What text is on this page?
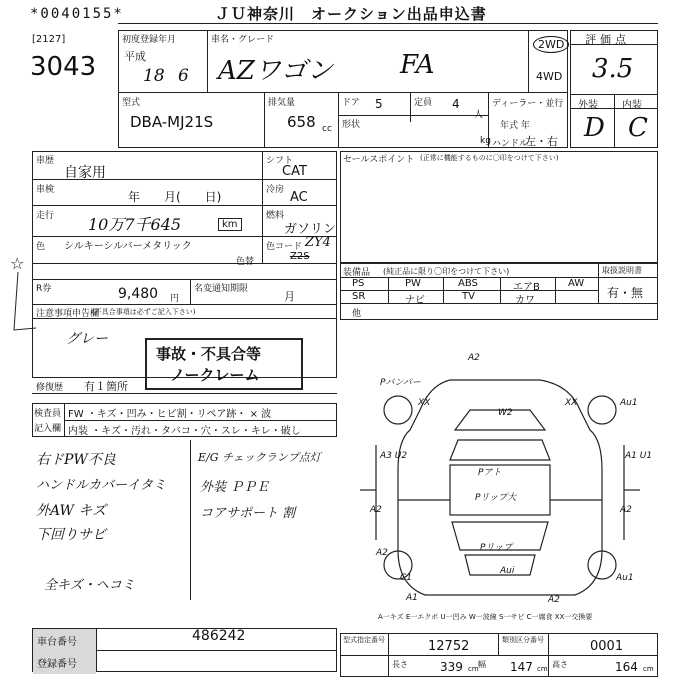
*0040155*	ＪＵ神奈川　オークション出品申込書
[2127]
3043
初度登録年月
平成
18 6
車名・グレード
AZワゴン	FA
2WD
4WD
型式
DBA-MJ21S
排気量
658 cc
ドア 5	定員 4
人
形状
ディーラー・並行
年式 年
kg ハンドル
左・右
評価点
3.5
外装 内装
D C
車歴
自家用
車検	年　　月(　　日)
走行 10万7千645	km
色 シルキーシルバーメタリック
色替
シフト
CAT
冷房 AC
燃料
ガソリン
色コード ZY4
Z2S
R券	9,480 円
名変通知期限
月
注意事項申告欄
(不具合事項は必ずご記入下さい)
グレー
修復歴 有１箇所
☆
事故・不具合等
ノークレーム
セールスポイント (正常に機能するものに〇印をつけて下さい)
装備品 (純正品に限り〇印をつけて下さい)	取扱説明書
PS	PW	ABS	エアB	AW
SR	ナビ	TV	カワ
有・無
他
検査員
記入欄
FW ・キズ・凹み・ヒビ割・リペア跡・ × 波
内装 ・キズ・汚れ・タバコ・穴・スレ・キレ・破し
右ドPW不良
ハンドルカバーイタミ
外AW キズ
下回りサビ
全キズ・ヘコミ
E/G チェックランプ点灯
外装 ＰＰＥ
コアサポート 割
A2
Pバンパー
XX
W2
XX	Au1
A3 U2
Pアト
Pリップ大
A1 U1
A2	A2
Pリップ
Aui
A2
C1	Au1
A1	A2
A一キズ E一エクボ U一凹み W一波線 S一サビ C一腐食 XX一交換要
車台番号	486242
登録番号
型式指定番号	12752	類別区分番号	0001
長さ	339 cm 幅 147 cm 高さ	164 cm
